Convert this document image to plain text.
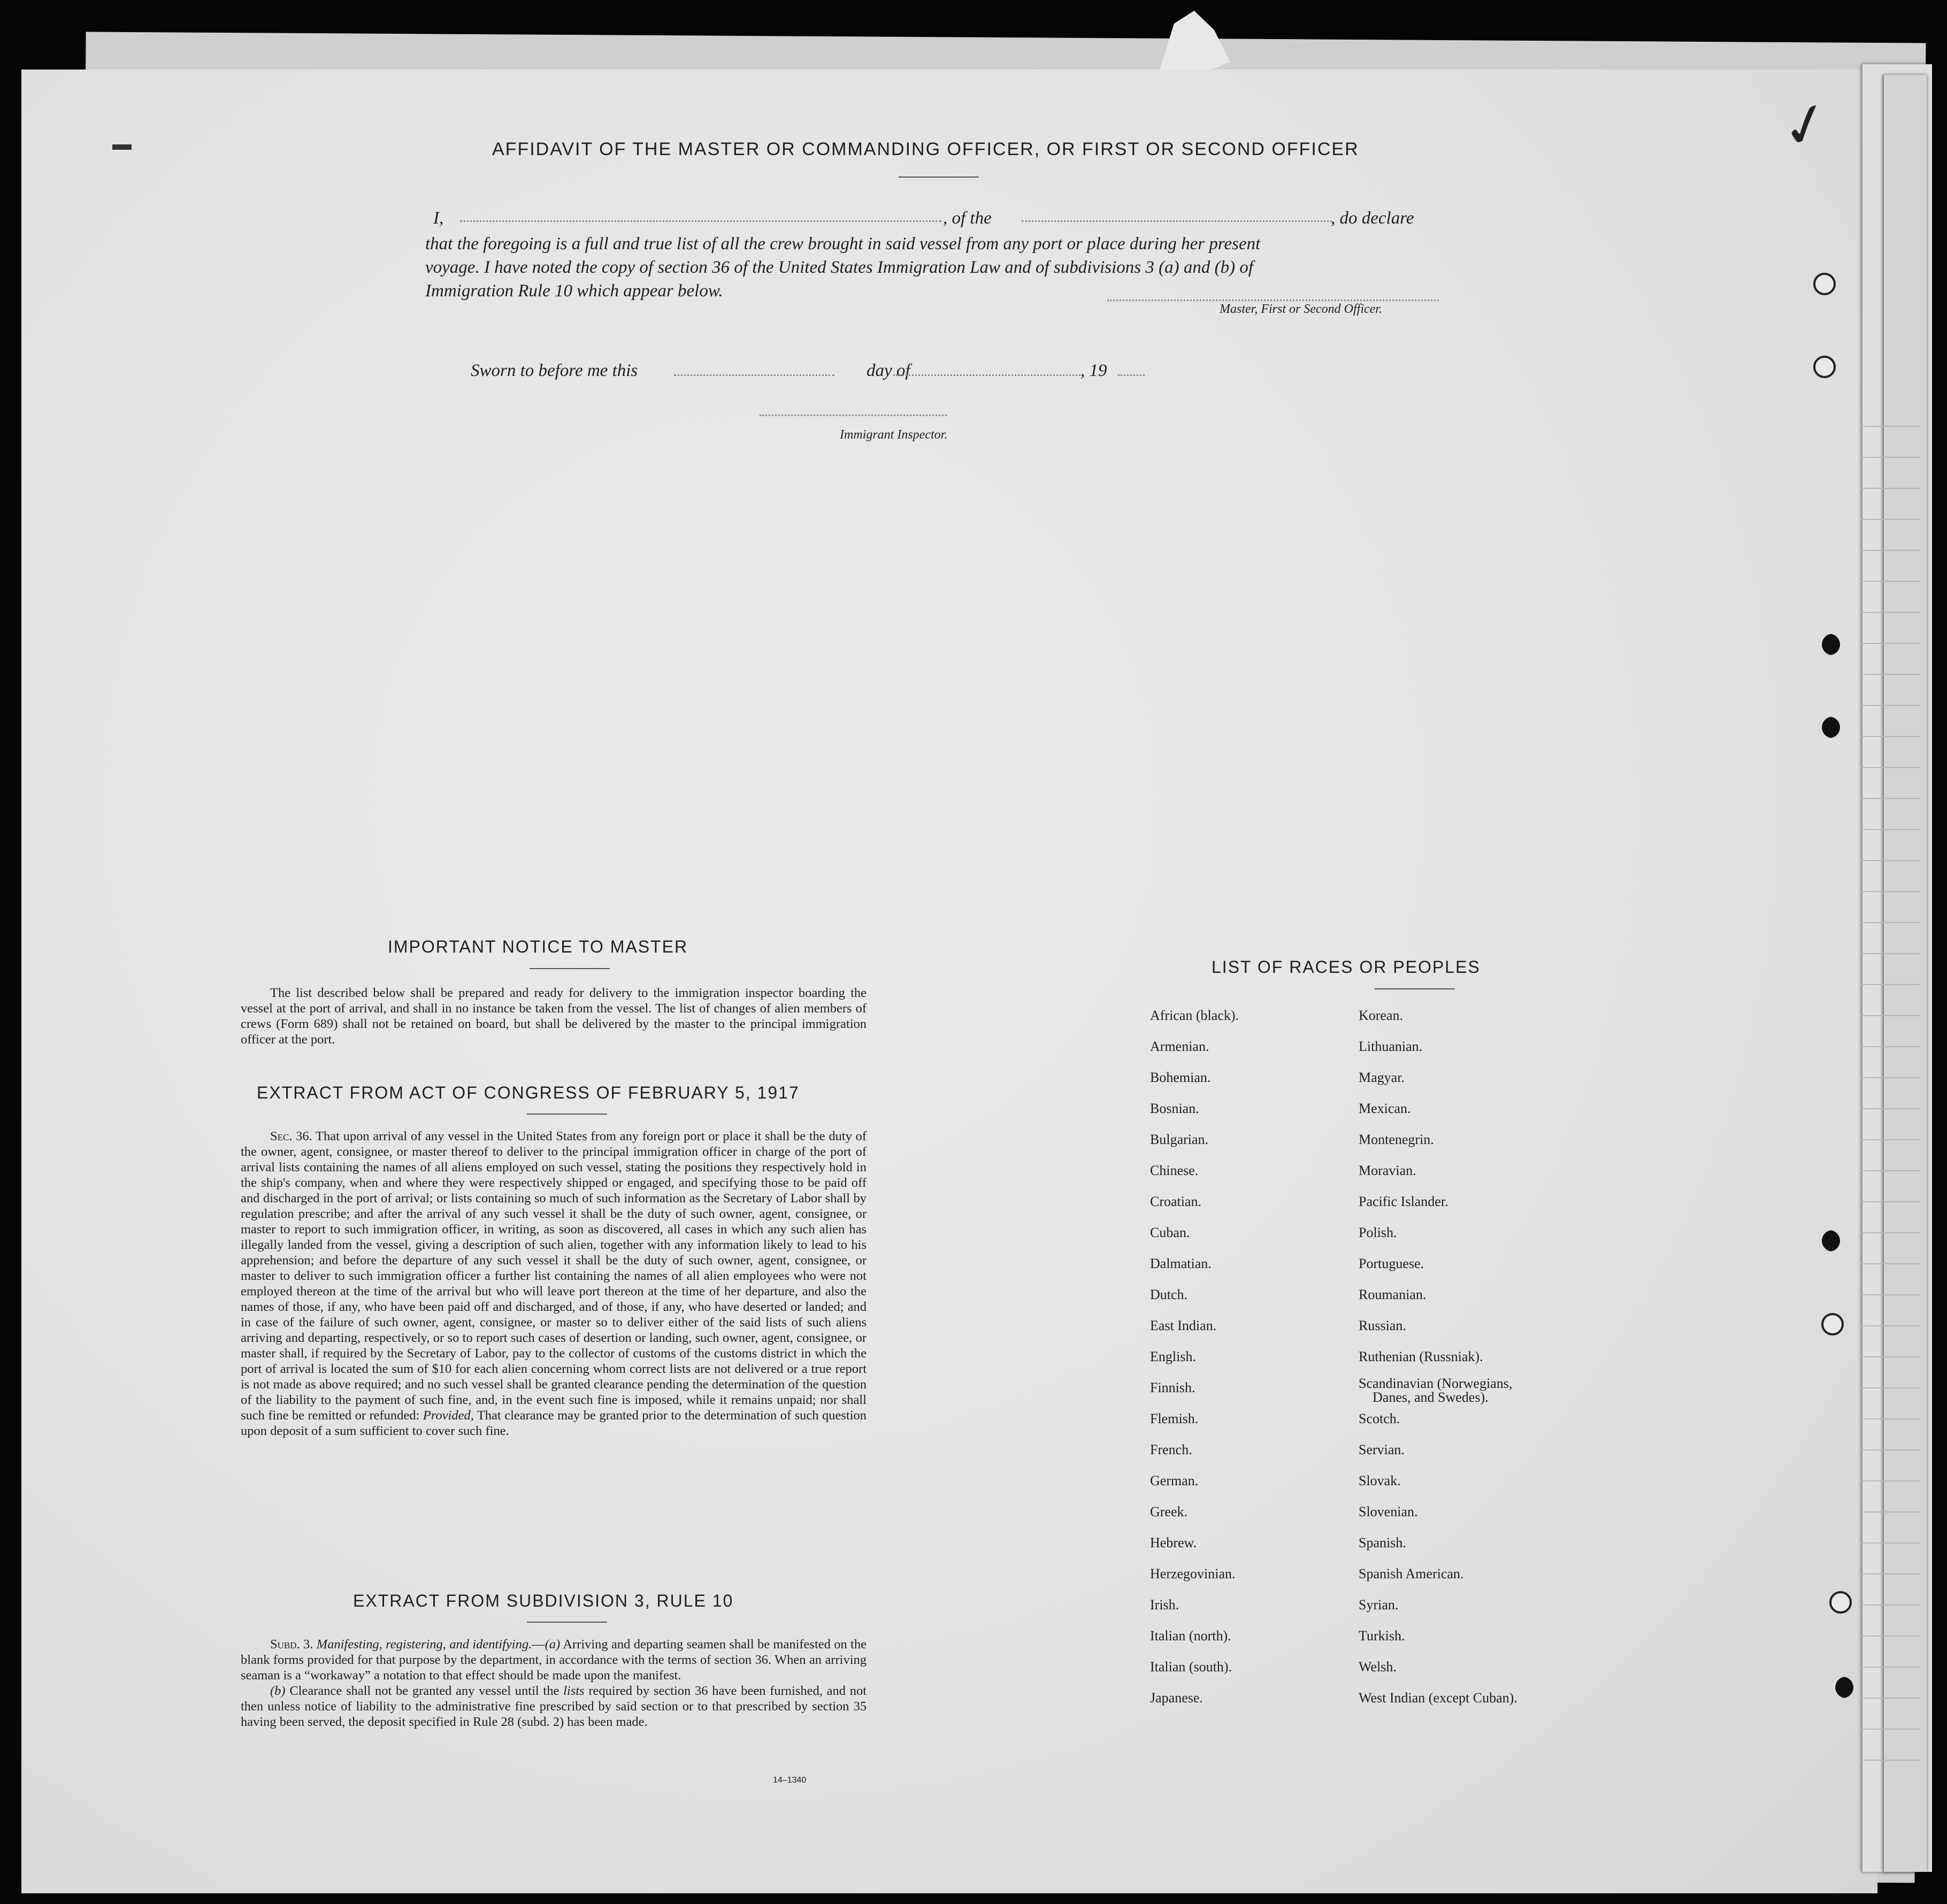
✓
AFFIDAVIT OF THE MASTER OR COMMANDING OFFICER, OR FIRST OR SECOND OFFICER
I,	, of the	, do declare
that the foregoing is a full and true list of all the crew brought in said vessel from any port or place during her present
voyage. I have noted the copy of section 36 of the United States Immigration Law and of subdivisions 3 (a) and (b) of
Immigration Rule 10 which appear below.
Master, First or Second Officer.
Sworn to before me this	day of	, 19
Immigrant Inspector.
IMPORTANT NOTICE TO MASTER

The list described below shall be prepared and ready for delivery to the immigration inspector boarding the vessel at the port of arrival, and shall in no instance be taken from the vessel. The list of changes of alien members of crews (Form 689) shall not be retained on board, but shall be delivered by the master to the principal immigration officer at the port.

EXTRACT FROM ACT OF CONGRESS OF FEBRUARY 5, 1917

Sec. 36. That upon arrival of any vessel in the United States from any foreign port or place it shall be the duty of the owner, agent, consignee, or master thereof to deliver to the principal immigration officer in charge of the port of arrival lists containing the names of all aliens employed on such vessel, stating the positions they respectively hold in the ship's company, when and where they were respectively shipped or engaged, and specifying those to be paid off and discharged in the port of arrival; or lists containing so much of such information as the Secretary of Labor shall by regulation prescribe; and after the arrival of any such vessel it shall be the duty of such owner, agent, consignee, or master to report to such immigration officer, in writing, as soon as discovered, all cases in which any such alien has illegally landed from the vessel, giving a description of such alien, together with any information likely to lead to his apprehension; and before the departure of any such vessel it shall be the duty of such owner, agent, consignee, or master to deliver to such immigration officer a further list containing the names of all alien employees who were not employed thereon at the time of the arrival but who will leave port thereon at the time of her departure, and also the names of those, if any, who have been paid off and discharged, and of those, if any, who have deserted or landed; and in case of the failure of such owner, agent, consignee, or master so to deliver either of the said lists of such aliens arriving and departing, respectively, or so to report such cases of desertion or landing, such owner, agent, consignee, or master shall, if required by the Secretary of Labor, pay to the collector of customs of the customs district in which the port of arrival is located the sum of $10 for each alien concerning whom correct lists are not delivered or a true report is not made as above required; and no such vessel shall be granted clearance pending the determination of the question of the liability to the payment of such fine, and, in the event such fine is imposed, while it remains unpaid; nor shall such fine be remitted or refunded: Provided, That clearance may be granted prior to the determination of such question upon deposit of a sum sufficient to cover such fine.

EXTRACT FROM SUBDIVISION 3, RULE 10

Subd. 3. Manifesting, registering, and identifying.—(a) Arriving and departing seamen shall be manifested on the blank forms provided for that purpose by the department, in accordance with the terms of section 36. When an arriving seaman is a “workaway” a notation to that effect should be made upon the manifest.

(b) Clearance shall not be granted any vessel until the lists required by section 36 have been furnished, and not then unless notice of liability to the administrative fine prescribed by said section or to that prescribed by section 35 having been served, the deposit specified in Rule 28 (subd. 2) has been made.

14–1340
LIST OF RACES OR PEOPLES
African (black).
Armenian.
Bohemian.
Bosnian.
Bulgarian.
Chinese.
Croatian.
Cuban.
Dalmatian.
Dutch.
East Indian.
English.
Finnish.
Flemish.
French.
German.
Greek.
Hebrew.
Herzegovinian.
Irish.
Italian (north).
Italian (south).
Japanese.
Korean.
Lithuanian.
Magyar.
Mexican.
Montenegrin.
Moravian.
Pacific Islander.
Polish.
Portuguese.
Roumanian.
Russian.
Ruthenian (Russniak).
Scandinavian (Norwegians,
Danes, and Swedes).
Scotch.
Servian.
Slovak.
Slovenian.
Spanish.
Spanish American.
Syrian.
Turkish.
Welsh.
West Indian (except Cuban).
